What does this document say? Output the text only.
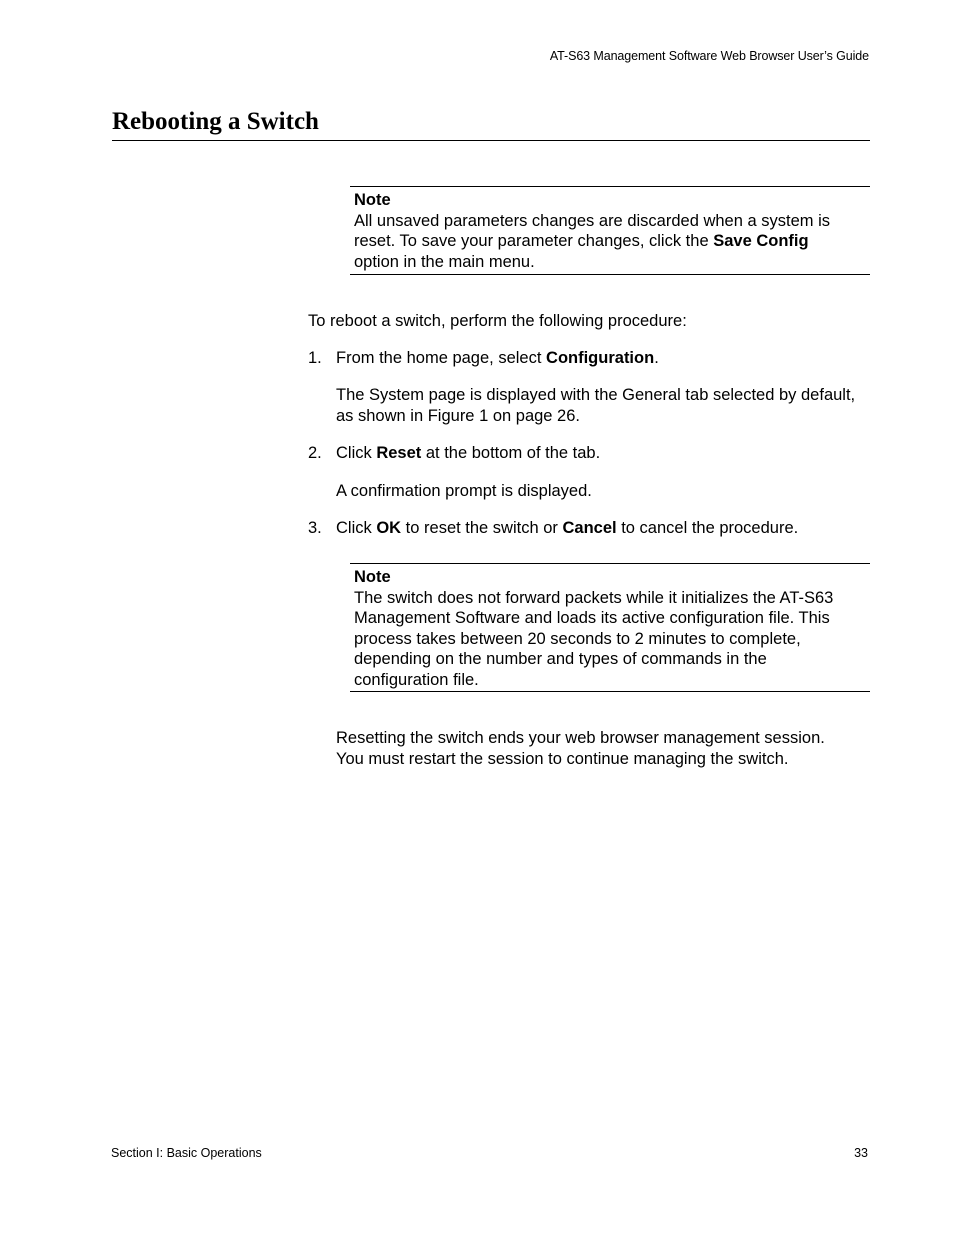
AT-S63 Management Software Web Browser User’s Guide
Rebooting a Switch
Note
All unsaved parameters changes are discarded when a system is
reset. To save your parameter changes, click the Save Config
option in the main menu.
To reboot a switch, perform the following procedure:
1. From the home page, select Configuration.
The System page is displayed with the General tab selected by default,
as shown in Figure 1 on page 26.
2. Click Reset at the bottom of the tab.
A confirmation prompt is displayed.
3. Click OK to reset the switch or Cancel to cancel the procedure.
Note
The switch does not forward packets while it initializes the AT-S63
Management Software and loads its active configuration file. This
process takes between 20 seconds to 2 minutes to complete,
depending on the number and types of commands in the
configuration file.
Resetting the switch ends your web browser management session.
You must restart the session to continue managing the switch.
Section I: Basic Operations	33
